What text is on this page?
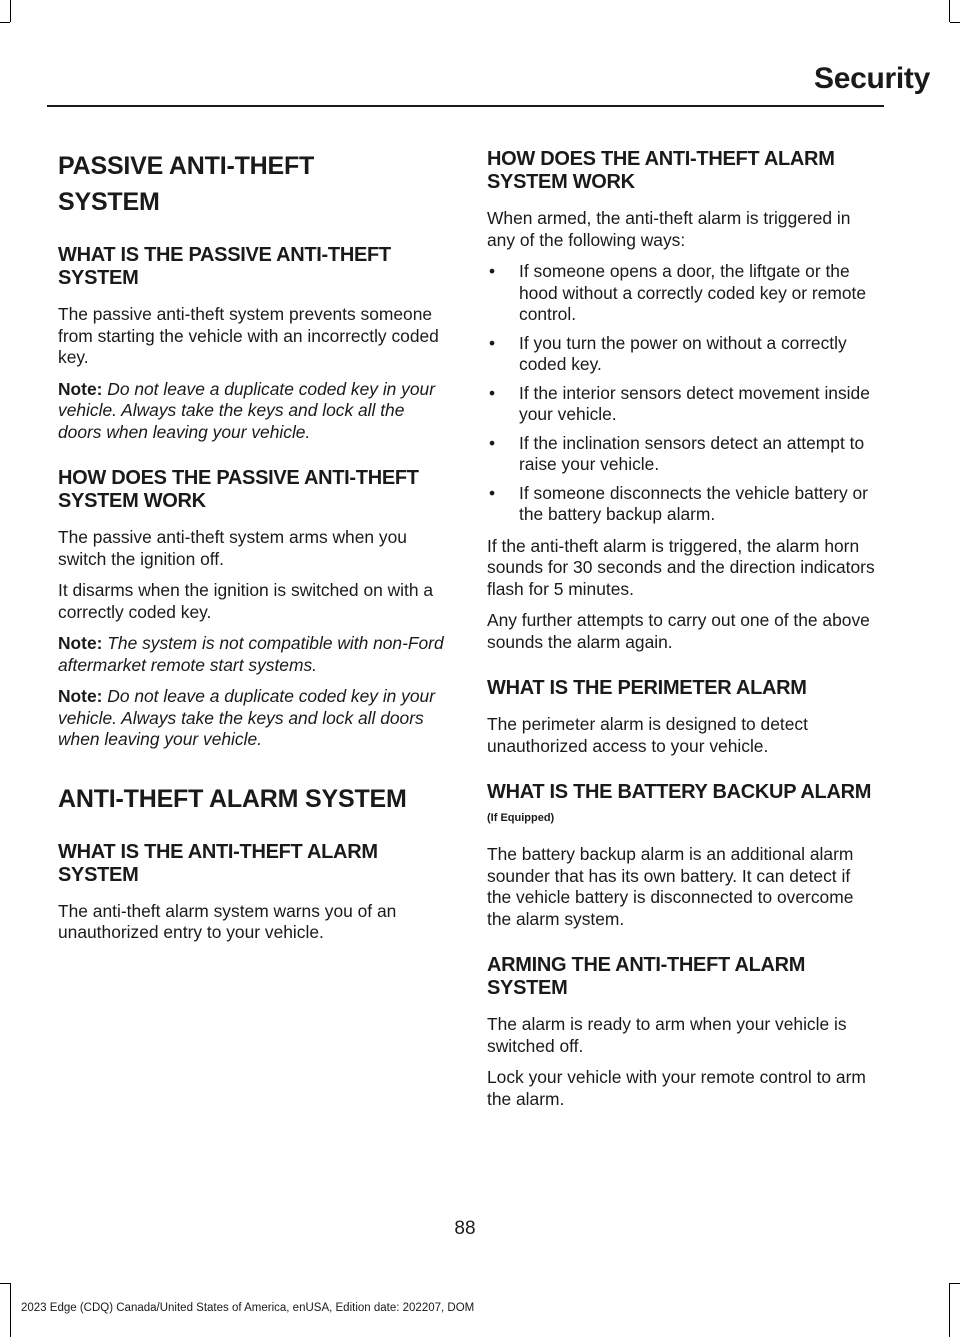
Security
PASSIVE ANTI-THEFT
SYSTEM
WHAT IS THE PASSIVE ANTI-THEFT SYSTEM

The passive anti-theft system prevents someone from starting the vehicle with an incorrectly coded key.

Note: Do not leave a duplicate coded key in your vehicle. Always take the keys and lock all the doors when leaving your vehicle.

HOW DOES THE PASSIVE ANTI-THEFT SYSTEM WORK

The passive anti-theft system arms when you switch the ignition off.

It disarms when the ignition is switched on with a correctly coded key.

Note: The system is not compatible with non-Ford aftermarket remote start systems.

Note: Do not leave a duplicate coded key in your vehicle. Always take the keys and lock all doors when leaving your vehicle.

ANTI-THEFT ALARM SYSTEM
WHAT IS THE ANTI-THEFT ALARM SYSTEM

The anti-theft alarm system warns you of an unauthorized entry to your vehicle.

HOW DOES THE ANTI-THEFT ALARM SYSTEM WORK

When armed, the anti-theft alarm is triggered in any of the following ways:

• If someone opens a door, the liftgate or the hood without a correctly coded key or remote control.
• If you turn the power on without a correctly coded key.
• If the interior sensors detect movement inside your vehicle.
• If the inclination sensors detect an attempt to raise your vehicle.
• If someone disconnects the vehicle battery or the battery backup alarm.

If the anti-theft alarm is triggered, the alarm horn sounds for 30 seconds and the direction indicators flash for 5 minutes.

Any further attempts to carry out one of the above sounds the alarm again.

WHAT IS THE PERIMETER ALARM

The perimeter alarm is designed to detect unauthorized access to your vehicle.

WHAT IS THE BATTERY BACKUP ALARM (If Equipped)

The battery backup alarm is an additional alarm sounder that has its own battery. It can detect if the vehicle battery is disconnected to overcome the alarm system.

ARMING THE ANTI-THEFT ALARM SYSTEM

The alarm is ready to arm when your vehicle is switched off.

Lock your vehicle with your remote control to arm the alarm.

88
2023 Edge (CDQ) Canada/United States of America, enUSA, Edition date: 202207, DOM
